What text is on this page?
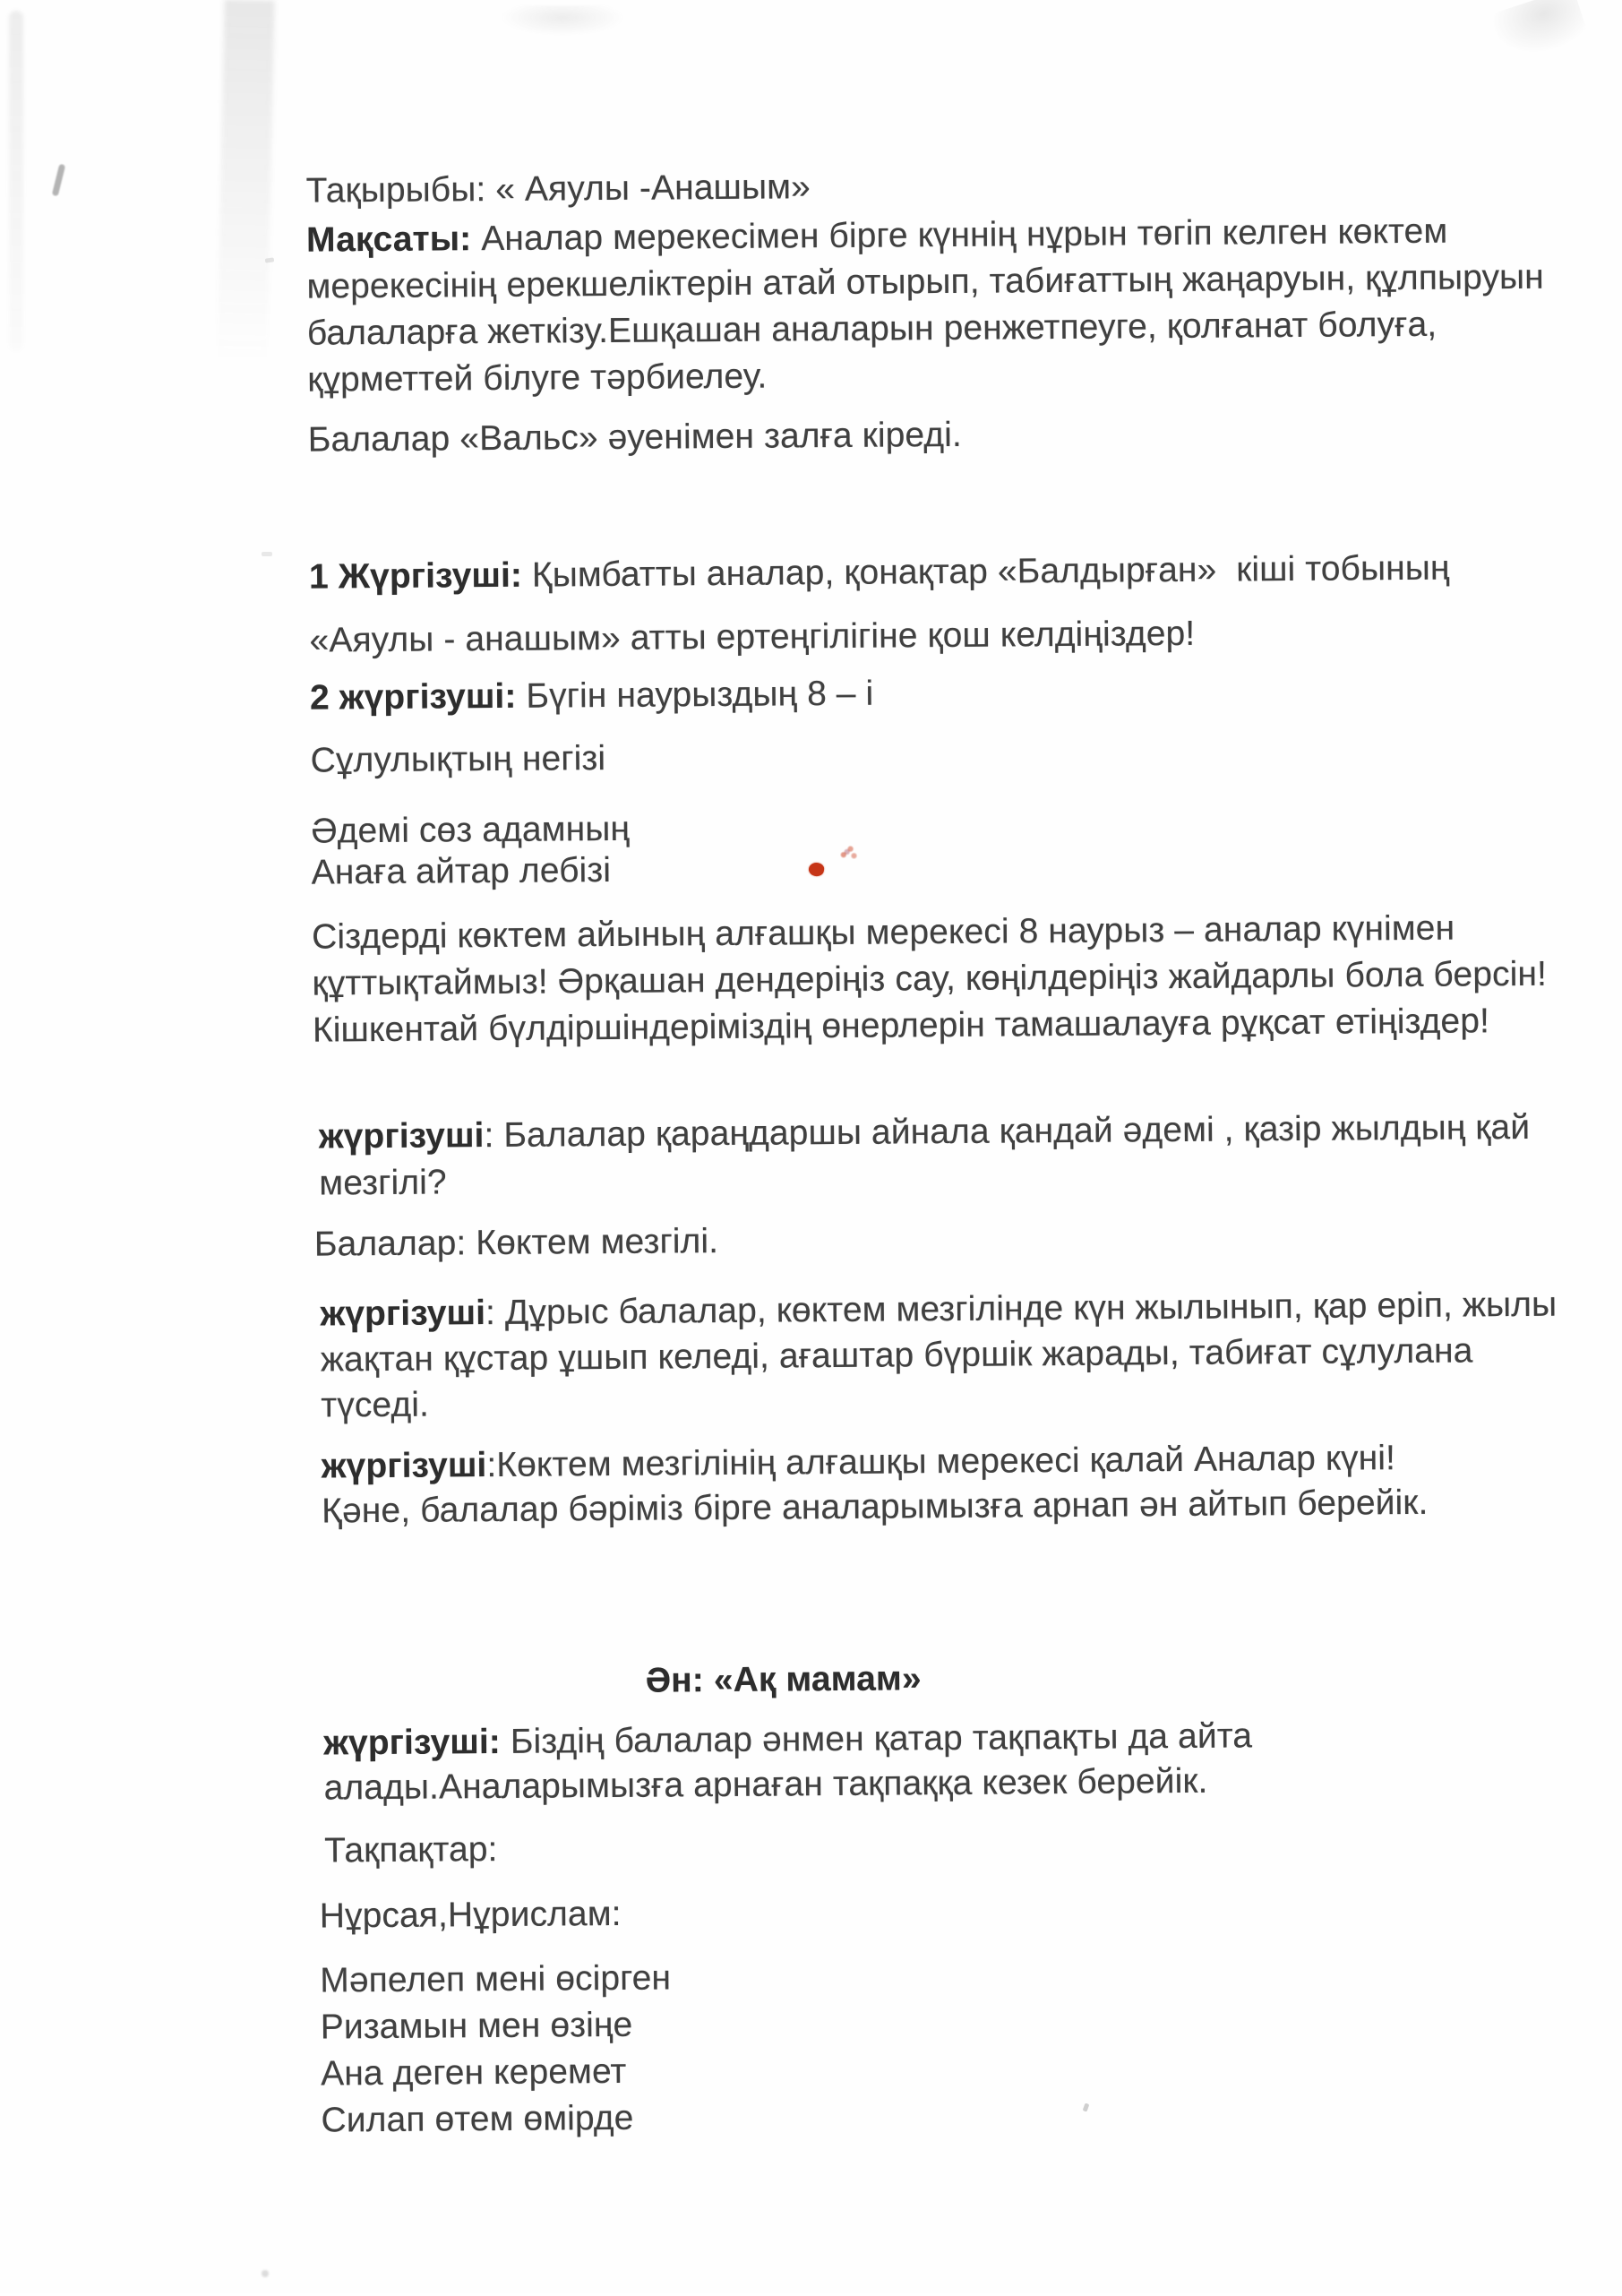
Тақырыбы: « Аяулы -Анашым»
Мақсаты: Аналар мерекесімен бірге күннің нұрын төгіп келген көктем мерекесінің ерекшеліктерін атай отырып, табиғаттың жаңаруын, құлпыруын балаларға жеткізу.Ешқашан аналарын ренжетпеуге, қолғанат болуға, құрметтей білуге тәрбиелеу.
Балалар «Вальс» әуенімен залға кіреді.
1 Жүргізуші: Қымбатты аналар, қонақтар «Балдырған»  кіші тобының «Аяулы - анашым» атты ертеңгілігіне қош келдіңіздер!
2 жүргізуші: Бүгін наурыздың 8 – і
Сұлулықтың негізі
Әдемі сөз адамның
Анаға айтар лебізі
Сіздерді көктем айының алғашқы мерекесі 8 наурыз – аналар күнімен құттықтаймыз! Әрқашан дендеріңіз сау, көңілдеріңіз жайдарлы бола берсін! Кішкентай бүлдіршіндеріміздің өнерлерін тамашалауға рұқсат етіңіздер!
жүргізуші: Балалар қараңдаршы айнала қандай әдемі , қазір жылдың қай мезгілі?
Балалар: Көктем мезгілі.
жүргізуші: Дұрыс балалар, көктем мезгілінде күн жылынып, қар еріп, жылы жақтан құстар ұшып келеді, ағаштар бүршік жарады, табиғат сұлулана түседі.
жүргізуші:Көктем мезгілінің алғашқы мерекесі қалай Аналар күні!Қәне, балалар бәріміз бірге аналарымызға арнап ән айтып берейік.
Ән: «Ақ мамам»
жүргізуші: Біздің балалар әнмен қатар тақпақты да айта алады.Аналарымызға арнаған тақпаққа кезек берейік.
Тақпақтар:
Нұрсая,Нұрислам:
Мәпелеп мені өсірген
Ризамын мен өзіңе
Ана деген керемет
Силап өтем өмірде
